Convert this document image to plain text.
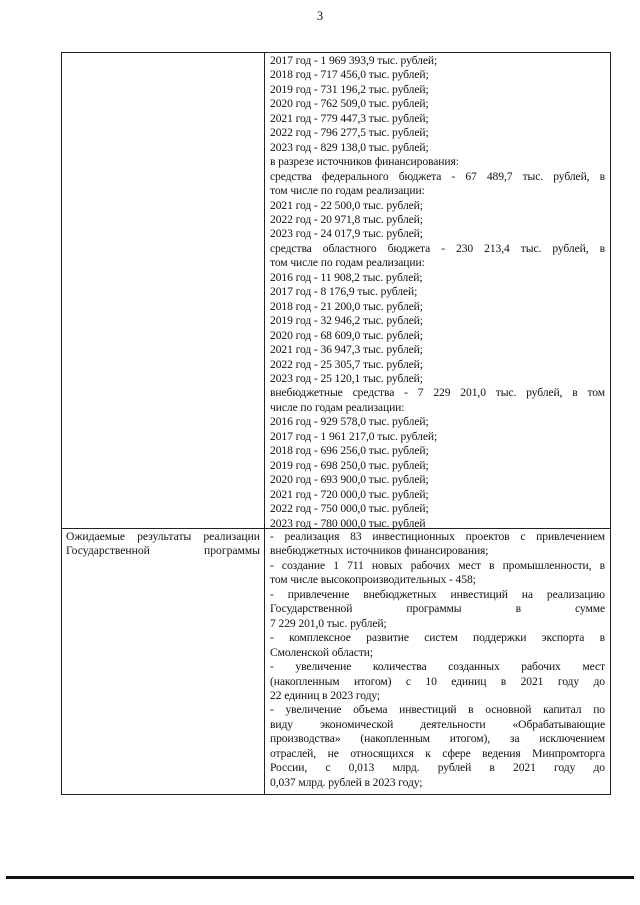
3
2017 год - 1 969 393,9 тыс. рублей;
2018 год - 717 456,0 тыс. рублей;
2019 год - 731 196,2 тыс. рублей;
2020 год - 762 509,0 тыс. рублей;
2021 год - 779 447,3 тыс. рублей;
2022 год - 796 277,5 тыс. рублей;
2023 год - 829 138,0 тыс. рублей;
в разрезе источников финансирования:
средства федерального бюджета - 67 489,7 тыс. рублей, в
том числе по годам реализации:
2021 год - 22 500,0 тыс. рублей;
2022 год - 20 971,8 тыс. рублей;
2023 год - 24 017,9 тыс. рублей;
средства областного бюджета - 230 213,4 тыс. рублей, в
том числе по годам реализации:
2016 год - 11 908,2 тыс. рублей;
2017 год - 8 176,9 тыс. рублей;
2018 год - 21 200,0 тыс. рублей;
2019 год - 32 946,2 тыс. рублей;
2020 год - 68 609,0 тыс. рублей;
2021 год - 36 947,3 тыс. рублей;
2022 год - 25 305,7 тыс. рублей;
2023 год - 25 120,1 тыс. рублей;
внебюджетные средства - 7 229 201,0 тыс. рублей, в том
числе по годам реализации:
2016 год - 929 578,0 тыс. рублей;
2017 год - 1 961 217,0 тыс. рублей;
2018 год - 696 256,0 тыс. рублей;
2019 год - 698 250,0 тыс. рублей;
2020 год - 693 900,0 тыс. рублей;
2021 год - 720 000,0 тыс. рублей;
2022 год - 750 000,0 тыс. рублей;
2023 год - 780 000,0 тыс. рублей
Ожидаемые результаты реализации Государственной программы
- реализация 83 инвестиционных проектов с привлечением
внебюджетных источников финансирования;
- создание 1 711 новых рабочих мест в промышленности, в
том числе высокопроизводительных - 458;
- привлечение внебюджетных инвестиций на реализацию
Государственной программы в сумме
7 229 201,0 тыс. рублей;
- комплексное развитие систем поддержки экспорта в
Смоленской области;
- увеличение количества созданных рабочих мест
(накопленным итогом) с 10 единиц в 2021 году до
22 единиц в 2023 году;
- увеличение объема инвестиций в основной капитал по
виду экономической деятельности «Обрабатывающие
производства» (накопленным итогом), за исключением
отраслей, не относящихся к сфере ведения Минпромторга
России, с 0,013 млрд. рублей в 2021 году до
0,037 млрд. рублей в 2023 году;
